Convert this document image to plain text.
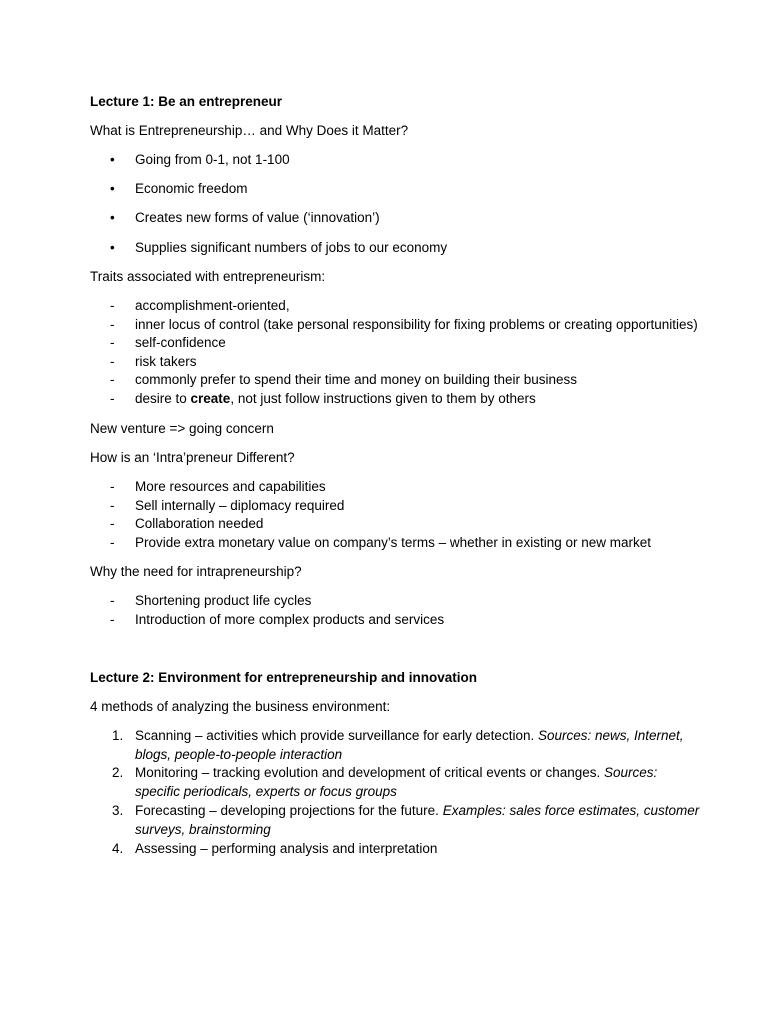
Lecture 1: Be an entrepreneur
What is Entrepreneurship… and Why Does it Matter?
•	Going from 0-1, not 1-100
•	Economic freedom
•	Creates new forms of value (‘innovation’)
•	Supplies significant numbers of jobs to our economy
Traits associated with entrepreneurism:
-	accomplishment-oriented,
-	inner locus of control (take personal responsibility for fixing problems or creating opportunities)
-	self-confidence
-	risk takers
-	commonly prefer to spend their time and money on building their business
-	desire to create, not just follow instructions given to them by others
New venture => going concern
How is an ‘Intra’preneur Different?
-	More resources and capabilities
-	Sell internally – diplomacy required
-	Collaboration needed
-	Provide extra monetary value on company’s terms – whether in existing or new market
Why the need for intrapreneurship?
-	Shortening product life cycles
-	Introduction of more complex products and services
Lecture 2: Environment for entrepreneurship and innovation
4 methods of analyzing the business environment:
1. Scanning – activities which provide surveillance for early detection. Sources: news, Internet, blogs, people-to-people interaction
2. Monitoring – tracking evolution and development of critical events or changes. Sources: specific periodicals, experts or focus groups
3. Forecasting – developing projections for the future. Examples: sales force estimates, customer surveys, brainstorming
4. Assessing – performing analysis and interpretation
